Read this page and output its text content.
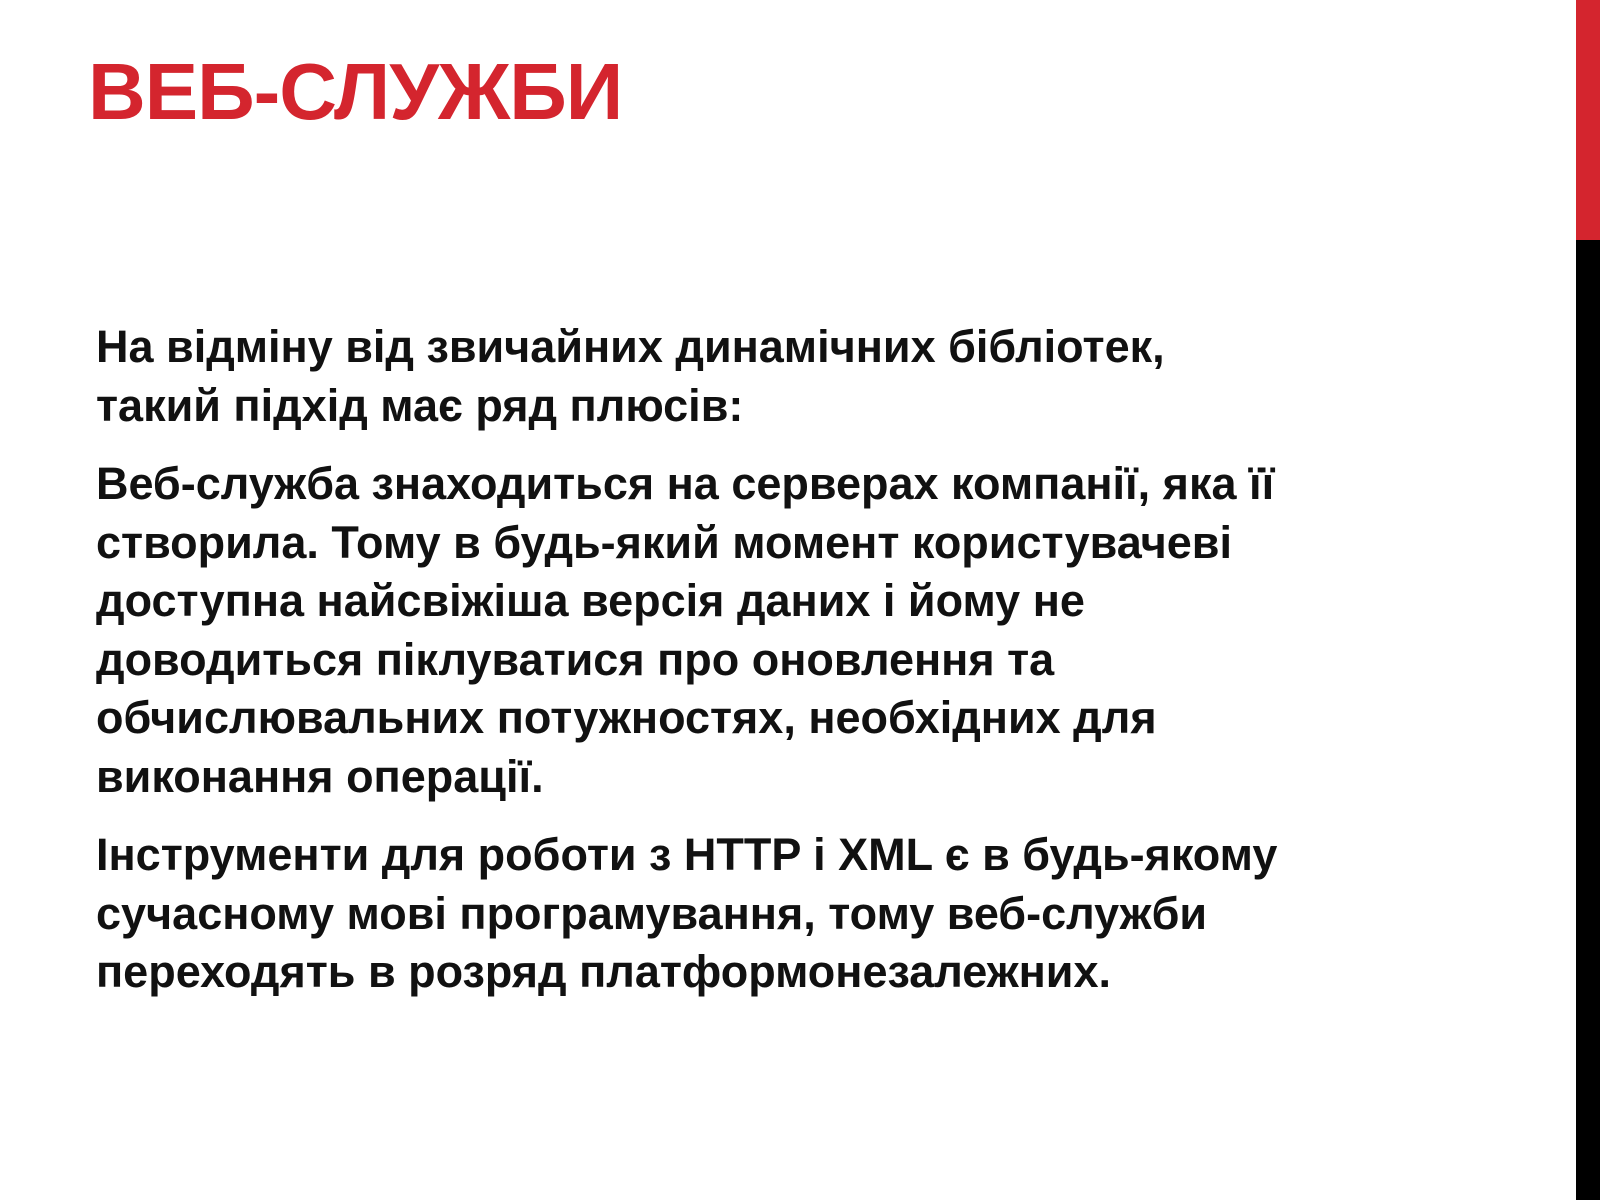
ВЕБ-СЛУЖБИ

На відміну від звичайних динамічних бібліотек,
такий підхід має ряд плюсів:

Веб-служба знаходиться на серверах компанії, яка її
створила. Тому в будь-який момент користувачеві
доступна найсвіжіша версія даних і йому не
доводиться піклуватися про оновлення та
обчислювальних потужностях, необхідних для
виконання операції.

Інструменти для роботи з HTTP і XML є в будь-якому
сучасному мові програмування, тому веб-служби
переходять в розряд платформонезалежних.
